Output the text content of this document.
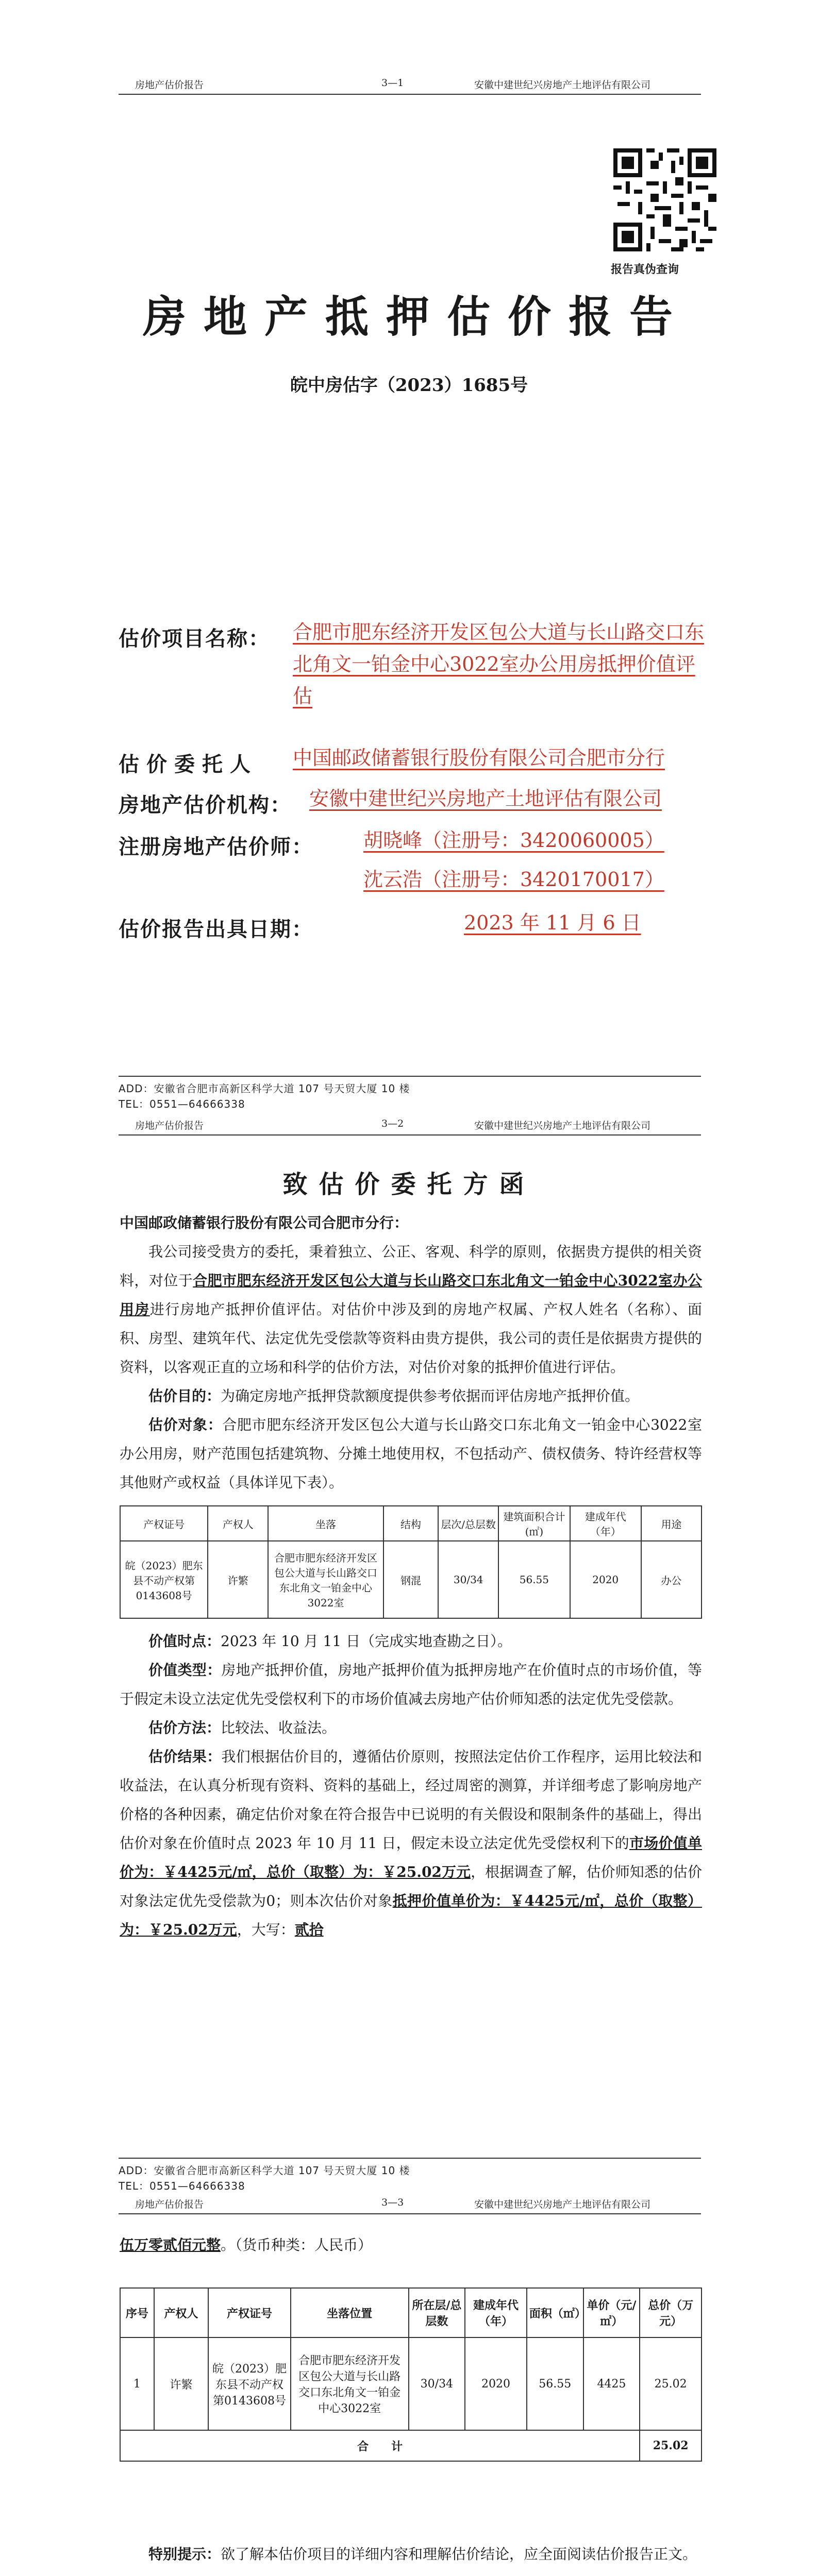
房地产估价报告	3—1	安徽中建世纪兴房地产土地评估有限公司
报告真伪查询
房地产抵押估价报告
皖中房估字（2023）1685号
估价项目名称： 合肥市肥东经济开发区包公大道与长山路交口东北角文一铂金中心3022室办公用房抵押价值评估
估价委托人 中国邮政储蓄银行股份有限公司合肥市分行
房地产估价机构： 安徽中建世纪兴房地产土地评估有限公司
注册房地产估价师：	胡晓峰（注册号：3420060005）
沈云浩（注册号：3420170017）
估价报告出具日期：	2023 年 11 月 6 日
ADD：安徽省合肥市高新区科学大道 107 号天贸大厦 10 楼
TEL：0551—64666338
房地产估价报告	3—2	安徽中建世纪兴房地产土地评估有限公司
致估价委托方函
中国邮政储蓄银行股份有限公司合肥市分行：
我公司接受贵方的委托，秉着独立、公正、客观、科学的原则，依据贵方提供的相关资料，对位于合肥市肥东经济开发区包公大道与长山路交口东北角文一铂金中心3022室办公用房进行房地产抵押价值评估。对估价中涉及到的房地产权属、产权人姓名（名称）、面积、房型、建筑年代、法定优先受偿款等资料由贵方提供，我公司的责任是依据贵方提供的资料，以客观正直的立场和科学的估价方法，对估价对象的抵押价值进行评估。
估价目的：为确定房地产抵押贷款额度提供参考依据而评估房地产抵押价值。
估价对象：合肥市肥东经济开发区包公大道与长山路交口东北角文一铂金中心3022室办公用房，财产范围包括建筑物、分摊土地使用权，不包括动产、债权债务、特许经营权等其他财产或权益（具体详见下表）。
产权证号	产权人	坐落	结构	层次/总层数	建筑面积合计(㎡)	建成年代（年）	用途
皖（2023）肥东县不动产权第0143608号	许繁	合肥市肥东经济开发区包公大道与长山路交口东北角文一铂金中心3022室	钢混	30/34	56.55	2020	办公
价值时点：2023 年 10 月 11 日（完成实地查勘之日）。
价值类型：房地产抵押价值，房地产抵押价值为抵押房地产在价值时点的市场价值，等于假定未设立法定优先受偿权利下的市场价值减去房地产估价师知悉的法定优先受偿款。
估价方法：比较法、收益法。
估价结果：我们根据估价目的，遵循估价原则，按照法定估价工作程序，运用比较法和收益法，在认真分析现有资料、资料的基础上，经过周密的测算，并详细考虑了影响房地产价格的各种因素，确定估价对象在符合报告中已说明的有关假设和限制条件的基础上，得出估价对象在价值时点 2023 年 10 月 11 日，假定未设立法定优先受偿权利下的市场价值单价为：￥4425元/㎡，总价（取整）为：￥25.02万元，根据调查了解，估价师知悉的估价对象法定优先受偿款为0；则本次估价对象抵押价值单价为：￥4425元/㎡，总价（取整）为：￥25.02万元，大写：贰拾
ADD：安徽省合肥市高新区科学大道 107 号天贸大厦 10 楼
TEL：0551—64666338
房地产估价报告	3—3	安徽中建世纪兴房地产土地评估有限公司
伍万零贰佰元整。（货币种类：人民币）
序号	产权人	产权证号	坐落位置	所在层/总层数	建成年代（年）	面积（㎡）	单价（元/㎡）	总价（万元）
1	许繁	皖（2023）肥东县不动产权第0143608号	合肥市肥东经济开发区包公大道与长山路交口东北角文一铂金中心3022室	30/34	2020	56.55	4425	25.02
合　　计								25.02
特别提示：欲了解本估价项目的详细内容和理解估价结论，应全面阅读估价报告正文。
